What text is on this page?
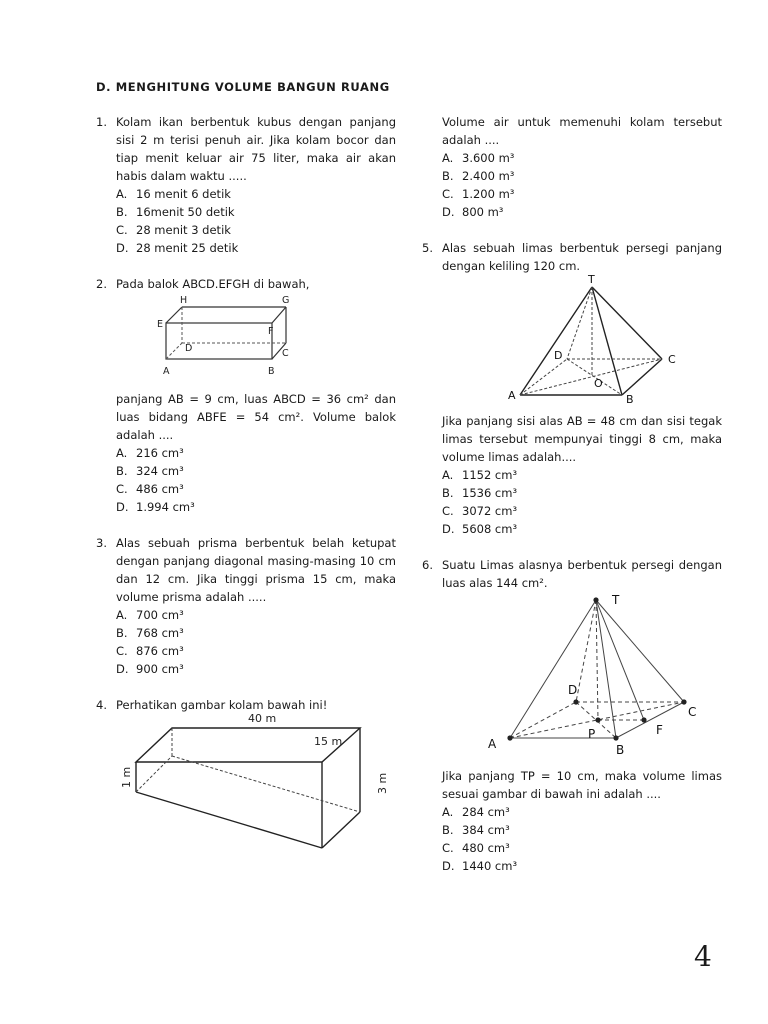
D. MENGHITUNG VOLUME BANGUN RUANG
1. Kolam ikan berbentuk kubus dengan panjang sisi 2 m terisi penuh air. Jika kolam bocor dan tiap menit keluar air 75 liter, maka air akan habis dalam waktu .....
A. 16 menit 6 detik
B. 16menit 50 detik
C. 28 menit 3 detik
D. 28 menit 25 detik
2. Pada balok ABCD.EFGH di bawah,
H	G
E
F
D	C
A	B
panjang AB = 9 cm, luas ABCD = 36 cm² dan luas bidang ABFE = 54 cm². Volume balok adalah ....
A. 216 cm³
B. 324 cm³
C. 486 cm³
D. 1.994 cm³
3. Alas sebuah prisma berbentuk belah ketupat dengan panjang diagonal masing-masing 10 cm dan 12 cm. Jika tinggi prisma 15 cm, maka volume prisma adalah .....
A. 700 cm³
B. 768 cm³
C. 876 cm³
D. 900 cm³
4. Perhatikan gambar kolam bawah ini!
40 m
15 m
1 m	3 m
Volume air untuk memenuhi kolam tersebut adalah ....
A. 3.600 m³
B. 2.400 m³
C. 1.200 m³
D. 800 m³
5. Alas sebuah limas berbentuk persegi panjang dengan keliling 120 cm.
T
D	C
O
A	B
Jika panjang sisi alas AB = 48 cm dan sisi tegak limas tersebut mempunyai tinggi 8 cm, maka volume limas adalah....
A. 1152 cm³
B. 1536 cm³
C. 3072 cm³
D. 5608 cm³
6. Suatu Limas alasnya berbentuk persegi dengan luas alas 144 cm².
T
D
C
F
P
A	B
Jika panjang TP = 10 cm, maka volume limas sesuai gambar di bawah ini adalah ....
A. 284 cm³
B. 384 cm³
C. 480 cm³
D. 1440 cm³
4
